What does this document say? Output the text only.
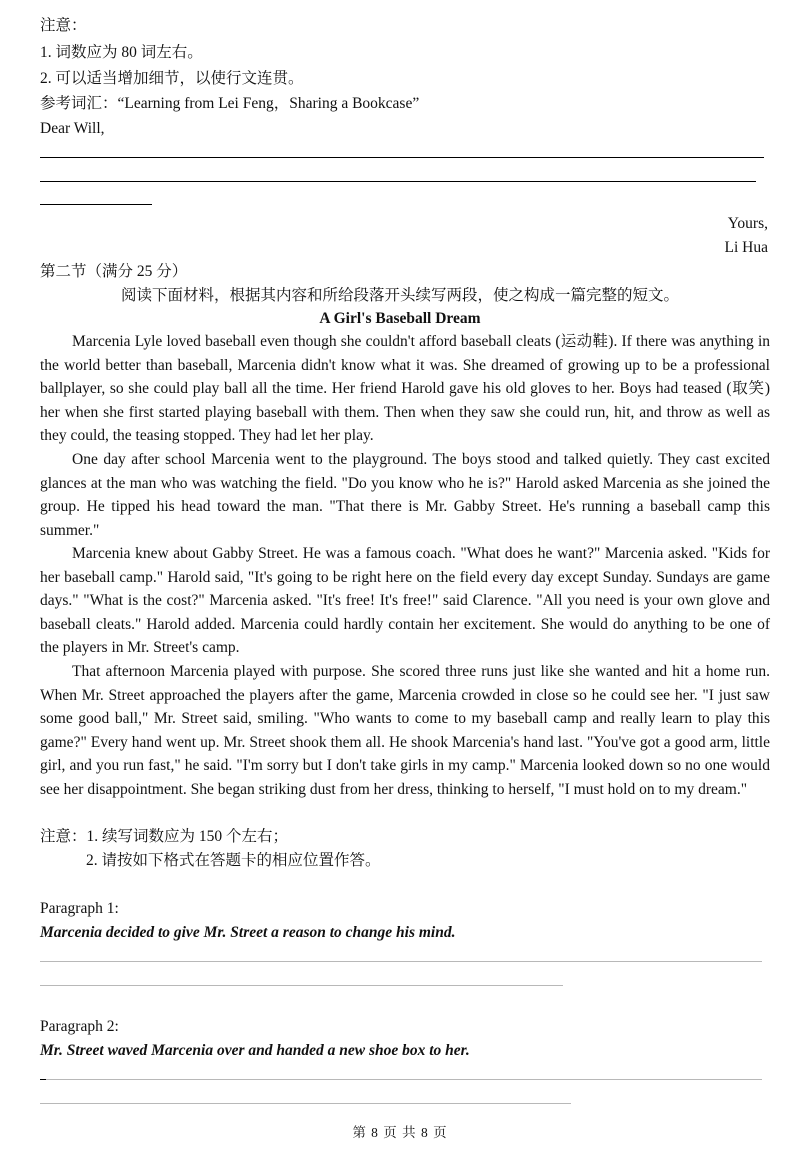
注意：
1. 词数应为 80 词左右。
2. 可以适当增加细节，以使行文连贯。
参考词汇：“Learning from Lei Feng，Sharing a Bookcase”
Dear Will,
Yours,
Li Hua
第二节（满分 25 分）
阅读下面材料，根据其内容和所给段落开头续写两段，使之构成一篇完整的短文。
A Girl's Baseball Dream
Marcenia Lyle loved baseball even though she couldn't afford baseball cleats (运动鞋). If there was anything in the world better than baseball, Marcenia didn't know what it was. She dreamed of growing up to be a professional ballplayer, so she could play ball all the time. Her friend Harold gave his old gloves to her. Boys had teased (取笑) her when she first started playing baseball with them. Then when they saw she could run, hit, and throw as well as they could, the teasing stopped. They had let her play.
One day after school Marcenia went to the playground. The boys stood and talked quietly. They cast excited glances at the man who was watching the field. "Do you know who he is?" Harold asked Marcenia as she joined the group. He tipped his head toward the man. "That there is Mr. Gabby Street. He's running a baseball camp this summer."
Marcenia knew about Gabby Street. He was a famous coach. "What does he want?" Marcenia asked. "Kids for her baseball camp." Harold said, "It's going to be right here on the field every day except Sunday. Sundays are game days." "What is the cost?" Marcenia asked. "It's free! It's free!" said Clarence. "All you need is your own glove and baseball cleats." Harold added. Marcenia could hardly contain her excitement. She would do anything to be one of the players in Mr. Street's camp.
That afternoon Marcenia played with purpose. She scored three runs just like she wanted and hit a home run. When Mr. Street approached the players after the game, Marcenia crowded in close so he could see her. "I just saw some good ball," Mr. Street said, smiling. "Who wants to come to my baseball camp and really learn to play this game?" Every hand went up. Mr. Street shook them all. He shook Marcenia's hand last. "You've got a good arm, little girl, and you run fast," he said. "I'm sorry but I don't take girls in my camp." Marcenia looked down so no one would see her disappointment. She began striking dust from her dress, thinking to herself, "I must hold on to my dream."
注意：1. 续写词数应为 150 个左右；
2. 请按如下格式在答题卡的相应位置作答。
Paragraph 1:
Marcenia decided to give Mr. Street a reason to change his mind.
Paragraph 2:
Mr. Street waved Marcenia over and handed a new shoe box to her.
第 8 页 共 8 页
